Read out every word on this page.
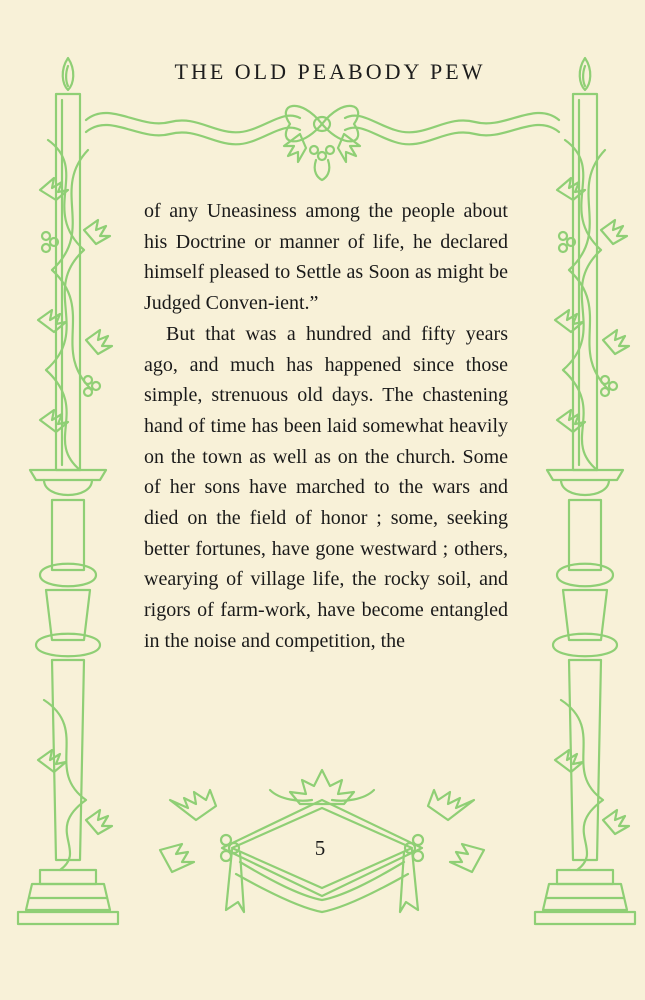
THE OLD PEABODY PEW

of any Uneasiness among the people about his Doctrine or manner of life, he declared himself pleased to Settle as Soon as might be Judged Conven-ient.”

But that was a hundred and fifty years ago, and much has happened since those simple, strenuous old days. The chastening hand of time has been laid somewhat heavily on the town as well as on the church. Some of her sons have marched to the wars and died on the field of honor ; some, seeking better fortunes, have gone westward ; others, wearying of village life, the rocky soil, and rigors of farm-work, have become entangled in the noise and competition, the

5
